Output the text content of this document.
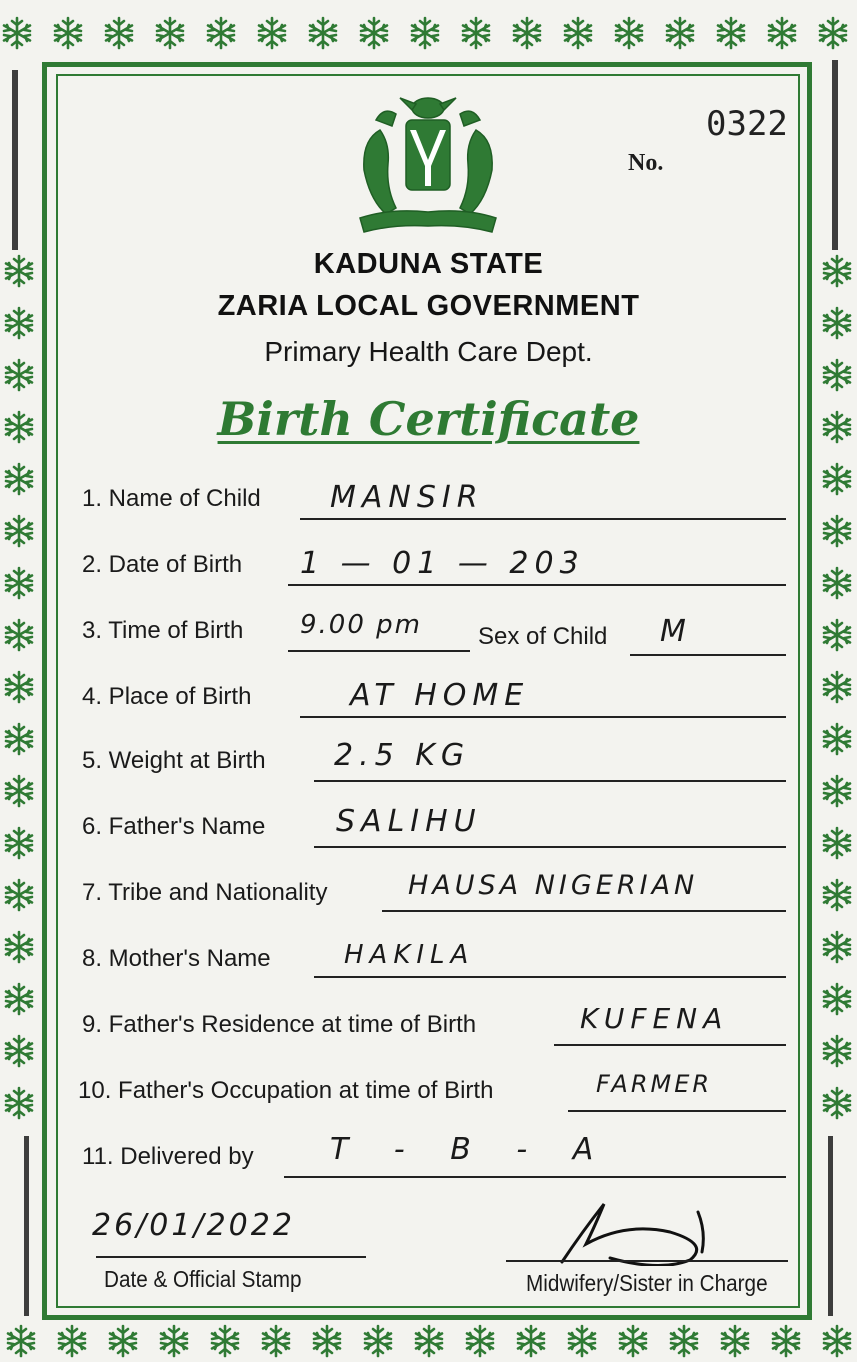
0322
No.
KADUNA STATE
ZARIA LOCAL GOVERNMENT
Primary Health Care Dept.
Birth Certificate
1. Name of Child MANSIR
2. Date of Birth 1 — 01 — 203
3. Time of Birth 9.00 pm Sex of Child M
4. Place of Birth	AT HOME
5. Weight at Birth 2.5 KG
6. Father's Name SALIHU
7. Tribe and Nationality	HAUSA NIGERIAN
8. Mother's Name	HAKILA
9. Father's Residence at time of Birth	KUFENA
10. Father's Occupation at time of Birth	FARMER
11. Delivered by	T - B - A
26/01/2022
Date & Official Stamp	Midwifery/Sister in Charge
